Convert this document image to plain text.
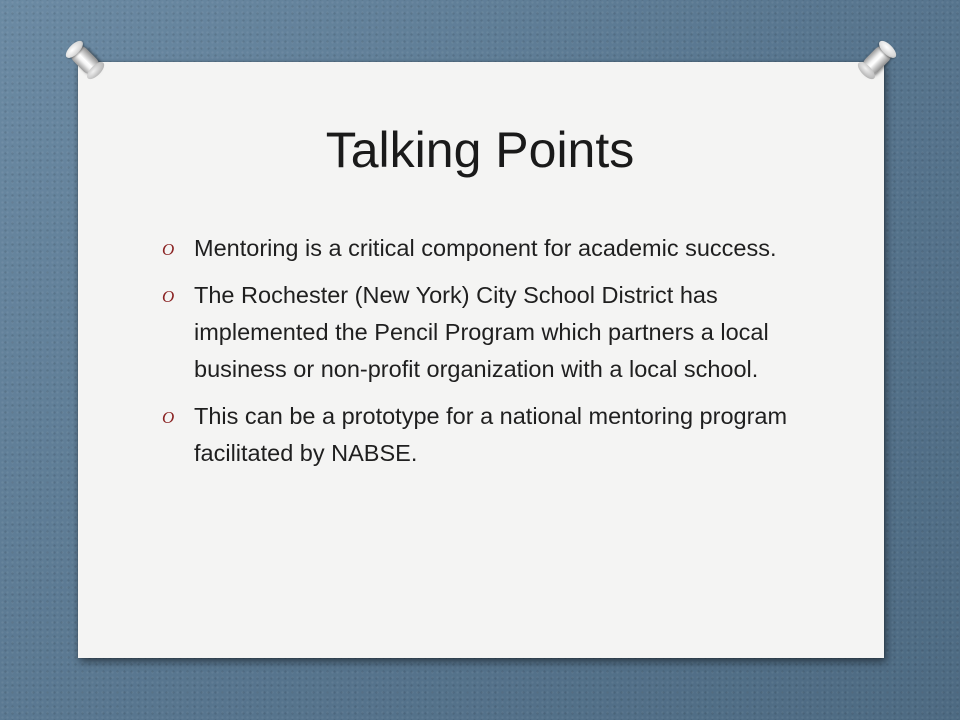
Talking Points
O Mentoring is a critical component for academic success.
O The Rochester (New York) City School District has implemented the Pencil Program which partners a local business or non-profit organization with a local school.
O This can be a prototype for a national mentoring program facilitated by NABSE.
